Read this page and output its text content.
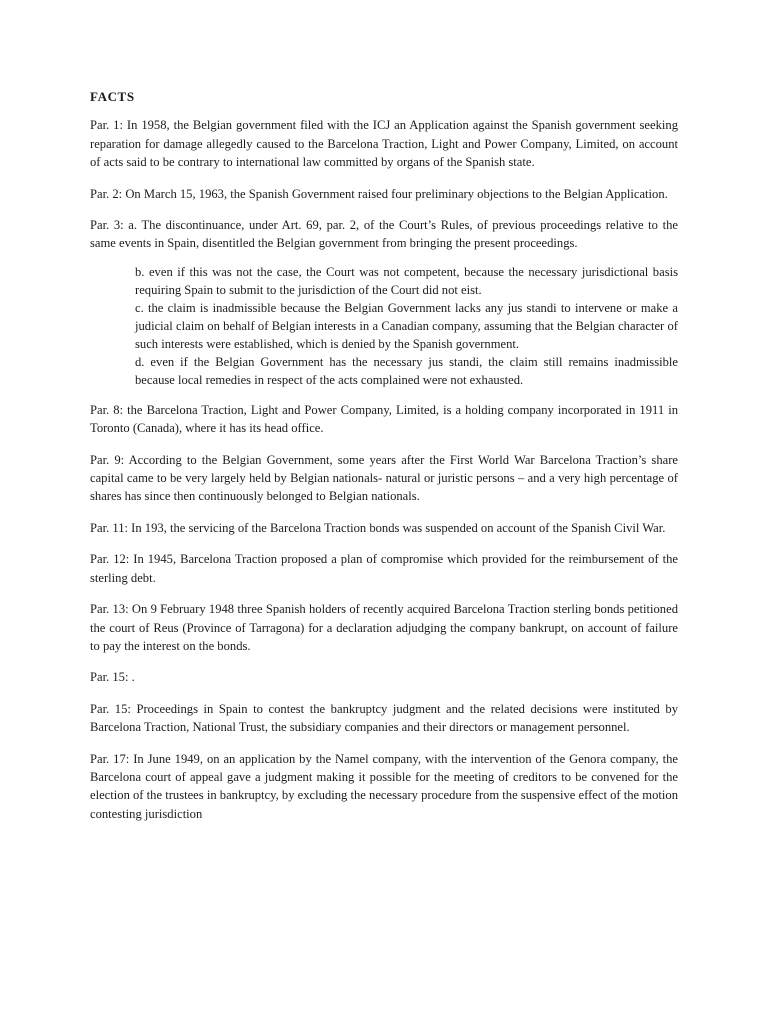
FACTS

Par. 1: In 1958, the Belgian government filed with the ICJ an Application against the Spanish government seeking reparation for damage allegedly caused to the Barcelona Traction, Light and Power Company, Limited, on account of acts said to be contrary to international law committed by organs of the Spanish state.

Par. 2: On March 15, 1963, the Spanish Government raised four preliminary objections to the Belgian Application.

Par. 3: a. The discontinuance, under Art. 69, par. 2, of the Court’s Rules, of previous proceedings relative to the same events in Spain, disentitled the Belgian government from bringing the present proceedings.

b. even if this was not the case, the Court was not competent, because the necessary jurisdictional basis requiring Spain to submit to the jurisdiction of the Court did not eist.

c. the claim is inadmissible because the Belgian Government lacks any jus standi to intervene or make a judicial claim on behalf of Belgian interests in a Canadian company, assuming that the Belgian character of such interests were established, which is denied by the Spanish government.

d. even if the Belgian Government has the necessary jus standi, the claim still remains inadmissible because local remedies in respect of the acts complained were not exhausted.

Par. 8: the Barcelona Traction, Light and Power Company, Limited, is a holding company incorporated in 1911 in Toronto (Canada), where it has its head office.

Par. 9: According to the Belgian Government, some years after the First World War Barcelona Traction’s share capital came to be very largely held by Belgian nationals- natural or juristic persons – and a very high percentage of shares has since then continuously belonged to Belgian nationals.

Par. 11: In 193, the servicing of the Barcelona Traction bonds was suspended on account of the Spanish Civil War.

Par. 12: In 1945, Barcelona Traction proposed a plan of compromise which provided for the reimbursement of the sterling debt.

Par. 13: On 9 February 1948 three Spanish holders of recently acquired Barcelona Traction sterling bonds petitioned the court of Reus (Province of Tarragona) for a declaration adjudging the company bankrupt, on account of failure to pay the interest on the bonds.

Par. 15: .

Par. 15: Proceedings in Spain to contest the bankruptcy judgment and the related decisions were instituted by Barcelona Traction, National Trust, the subsidiary companies and their directors or management personnel.

Par. 17: In June 1949, on an application by the Namel company, with the intervention of the Genora company, the Barcelona court of appeal gave a judgment making it possible for the meeting of creditors to be convened for the election of the trustees in bankruptcy, by excluding the necessary procedure from the suspensive effect of the motion contesting jurisdiction
